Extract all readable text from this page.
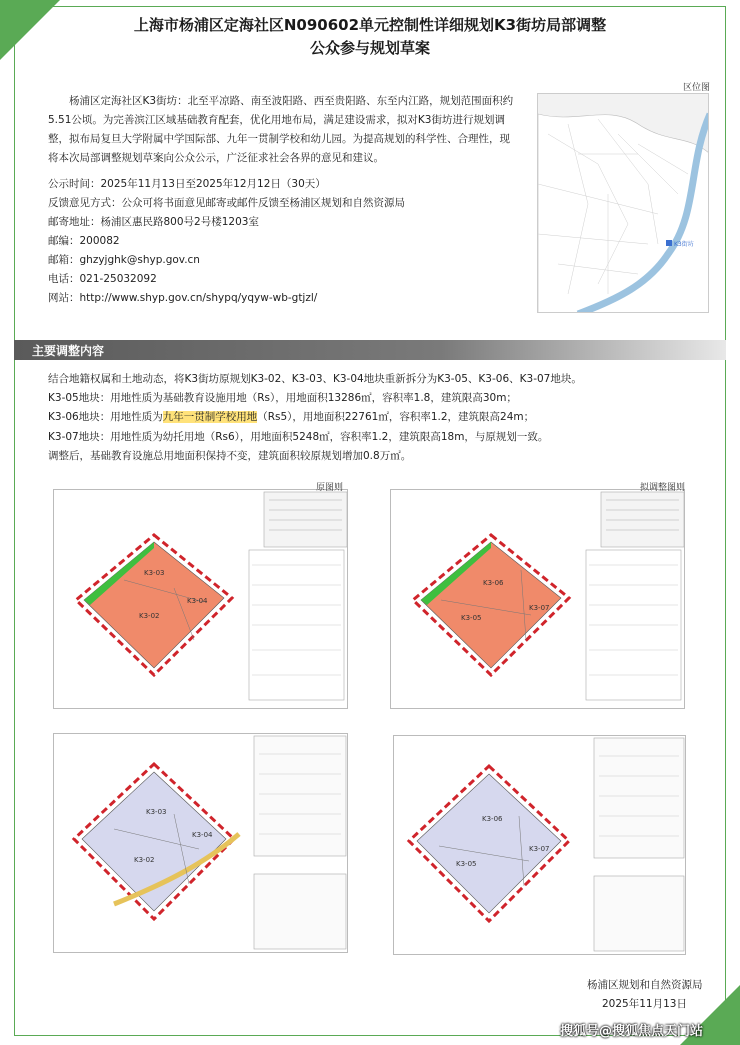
上海市杨浦区定海社区N090602单元控制性详细规划K3街坊局部调整
公众参与规划草案
杨浦区定海社区K3街坊：北至平凉路、南至波阳路、西至贵阳路、东至内江路，规划范围面积约5.51公顷。为完善滨江区域基础教育配套，优化用地布局，满足建设需求，拟对K3街坊进行规划调整，拟布局复旦大学附属中学国际部、九年一贯制学校和幼儿园。为提高规划的科学性、合理性，现将本次局部调整规划草案向公众公示，广泛征求社会各界的意见和建议。
公示时间：2025年11月13日至2025年12月12日（30天）
反馈意见方式：公众可将书面意见邮寄或邮件反馈至杨浦区规划和自然资源局
邮寄地址：杨浦区惠民路800号2号楼1203室
邮编：200082
邮箱：ghzyjghk@shyp.gov.cn
电话：021-25032092
网站：http://www.shyp.gov.cn/shypq/yqyw-wb-gtjzl/
区位图
K3街坊
主要调整内容
结合地籍权属和土地动态，将K3街坊原规划K3-02、K3-03、K3-04地块重新拆分为K3-05、K3-06、K3-07地块。
K3-05地块：用地性质为基础教育设施用地（Rs），用地面积13286㎡，容积率1.8，建筑限高30m；
K3-06地块：用地性质为九年一贯制学校用地（Rs5），用地面积22761㎡，容积率1.2，建筑限高24m；
K3-07地块：用地性质为幼托用地（Rs6），用地面积5248㎡，容积率1.2，建筑限高18m，与原规划一致。
调整后，基础教育设施总用地面积保持不变，建筑面积较原规划增加0.8万㎡。
K3-03
K3-04
K3-02
原图则
K3-06
K3-07
K3-05
拟调整图则
K3-03
K3-04
K3-02
K3-06
K3-07
K3-05
杨浦区规划和自然资源局
2025年11月13日
搜狐号@搜狐焦点天门站
